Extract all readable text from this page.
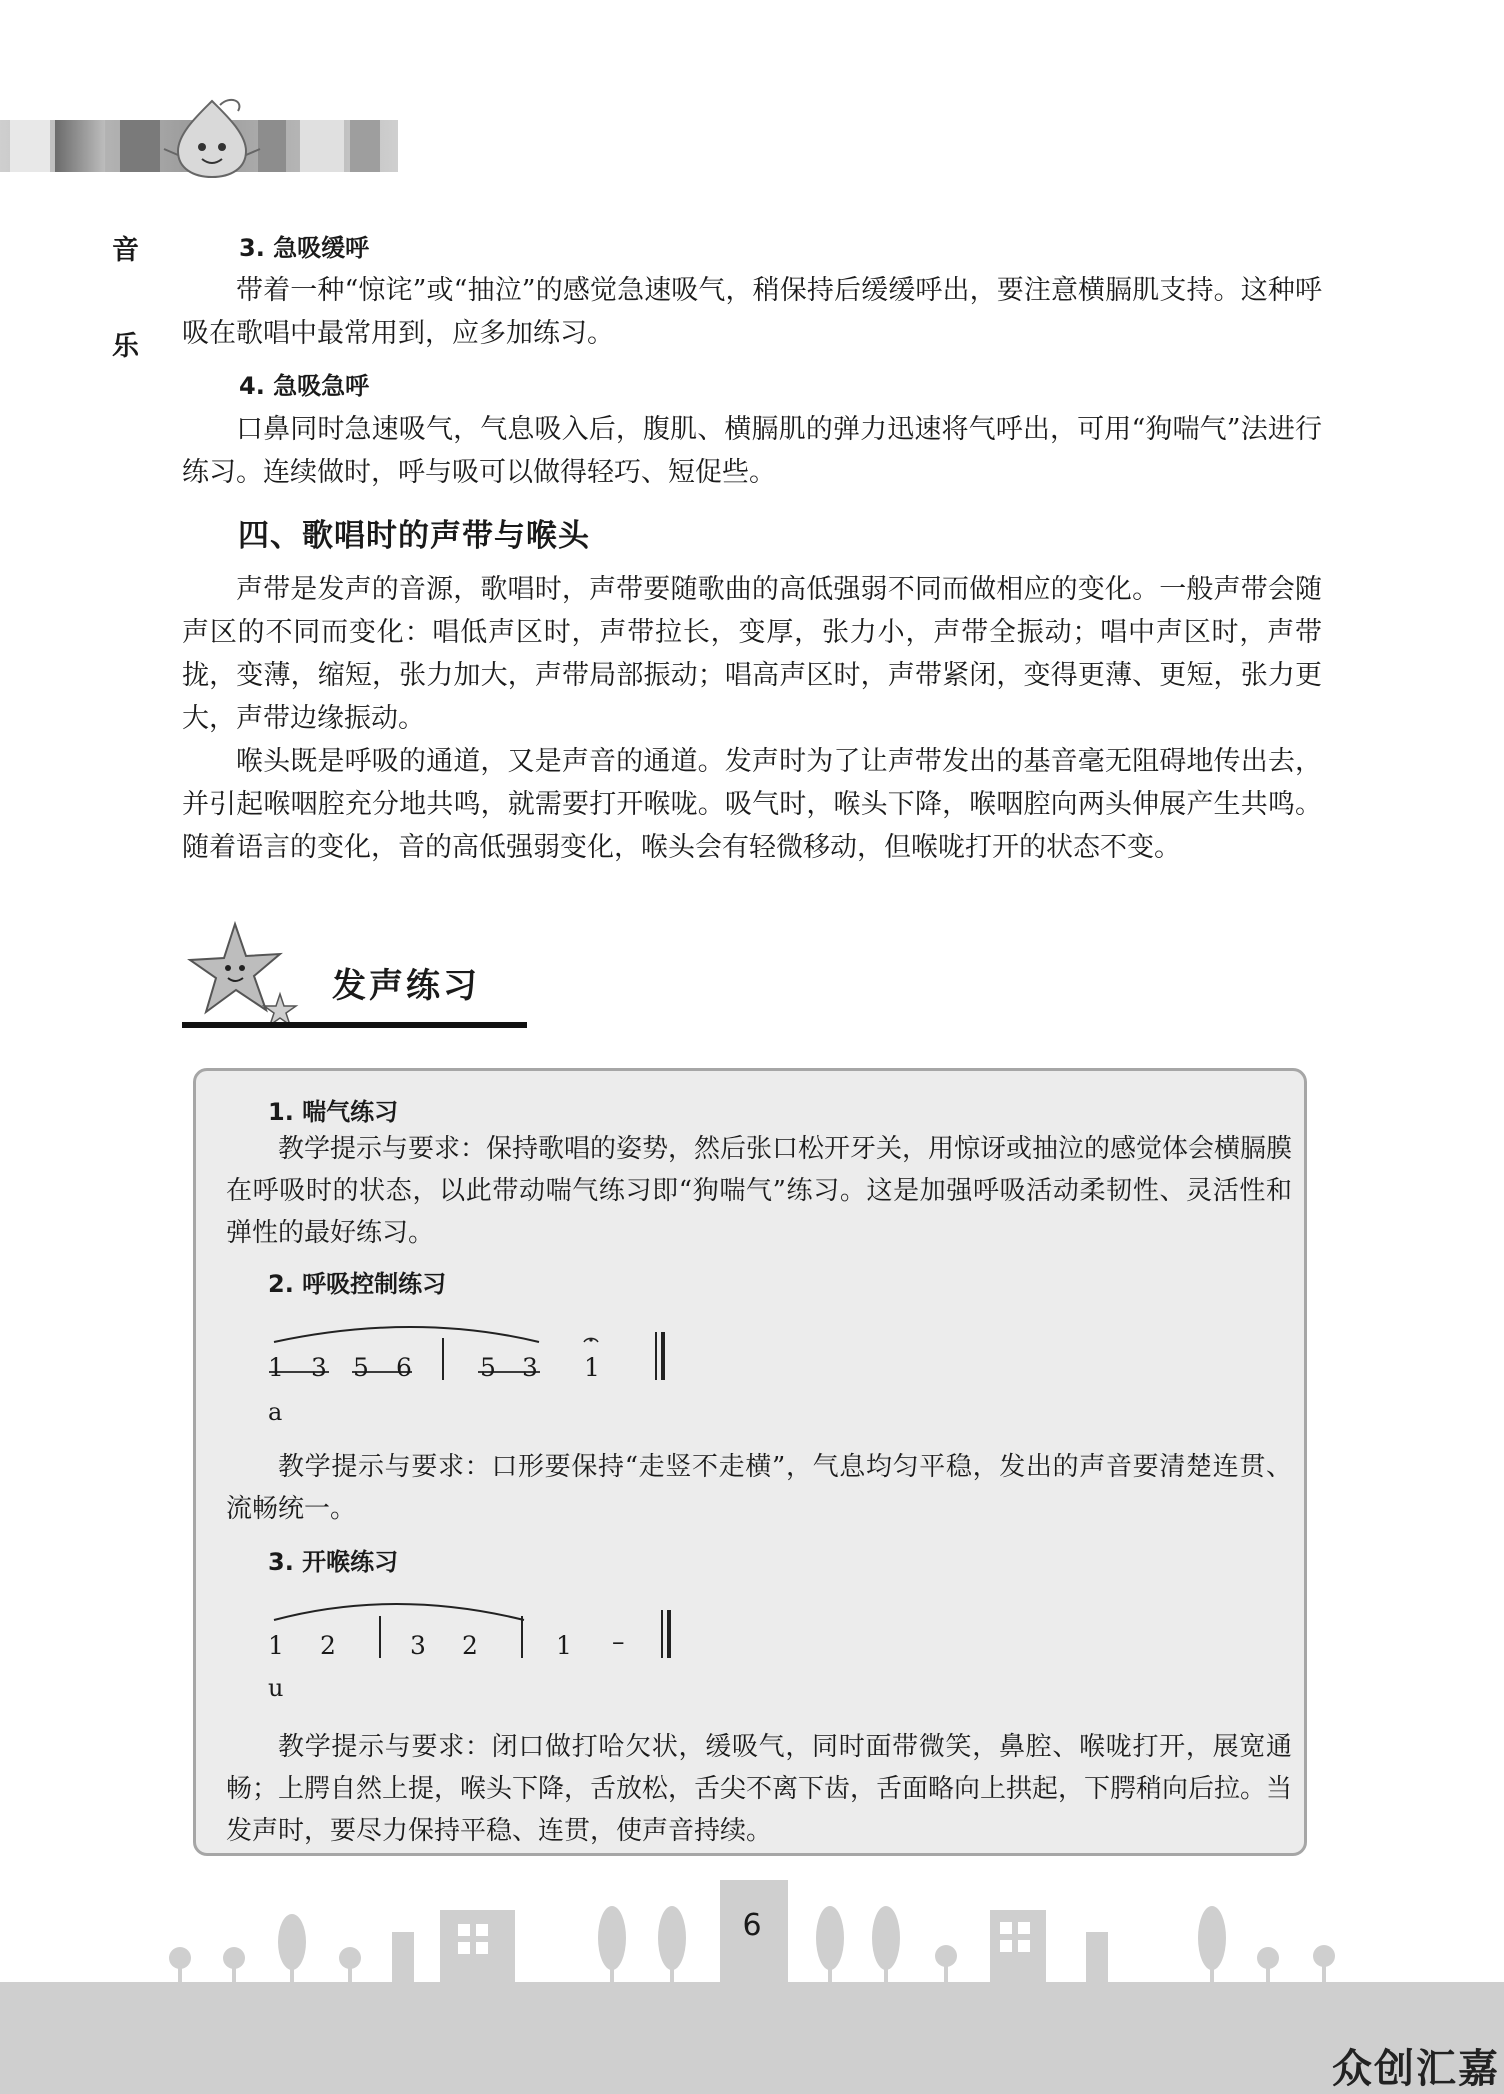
音
乐
3. 急吸缓呼

带着一种“惊诧”或“抽泣”的感觉急速吸气，稍保持后缓缓呼出，要注意横膈肌支持。这种呼吸在歌唱中最常用到，应多加练习。

4. 急吸急呼

口鼻同时急速吸气，气息吸入后，腹肌、横膈肌的弹力迅速将气呼出，可用“狗喘气”法进行练习。连续做时，呼与吸可以做得轻巧、短促些。

四、歌唱时的声带与喉头

声带是发声的音源，歌唱时，声带要随歌曲的高低强弱不同而做相应的变化。一般声带会随声区的不同而变化：唱低声区时，声带拉长，变厚，张力小，声带全振动；唱中声区时，声带拢，变薄，缩短，张力加大，声带局部振动；唱高声区时，声带紧闭，变得更薄、更短，张力更大，声带边缘振动。

喉头既是呼吸的通道，又是声音的通道。发声时为了让声带发出的基音毫无阻碍地传出去，并引起喉咽腔充分地共鸣，就需要打开喉咙。吸气时，喉头下降，喉咽腔向两头伸展产生共鸣。随着语言的变化，音的高低强弱变化，喉头会有轻微移动，但喉咙打开的状态不变。

发声练习
1. 喘气练习

教学提示与要求：保持歌唱的姿势，然后张口松开牙关，用惊讶或抽泣的感觉体会横膈膜在呼吸时的状态，以此带动喘气练习即“狗喘气”练习。这是加强呼吸活动柔韧性、灵活性和弹性的最好练习。

2. 呼吸控制练习
1 3 5 6	5 3 1
a

教学提示与要求：口形要保持“走竖不走横”，气息均匀平稳，发出的声音要清楚连贯、流畅统一。

3. 开喉练习
1 2	3 2	1 –
u

教学提示与要求：闭口做打哈欠状，缓吸气，同时面带微笑，鼻腔、喉咙打开，展宽通畅；上腭自然上提，喉头下降，舌放松，舌尖不离下齿，舌面略向上拱起，下腭稍向后拉。当发声时，要尽力保持平稳、连贯，使声音持续。

6
众创汇嘉
